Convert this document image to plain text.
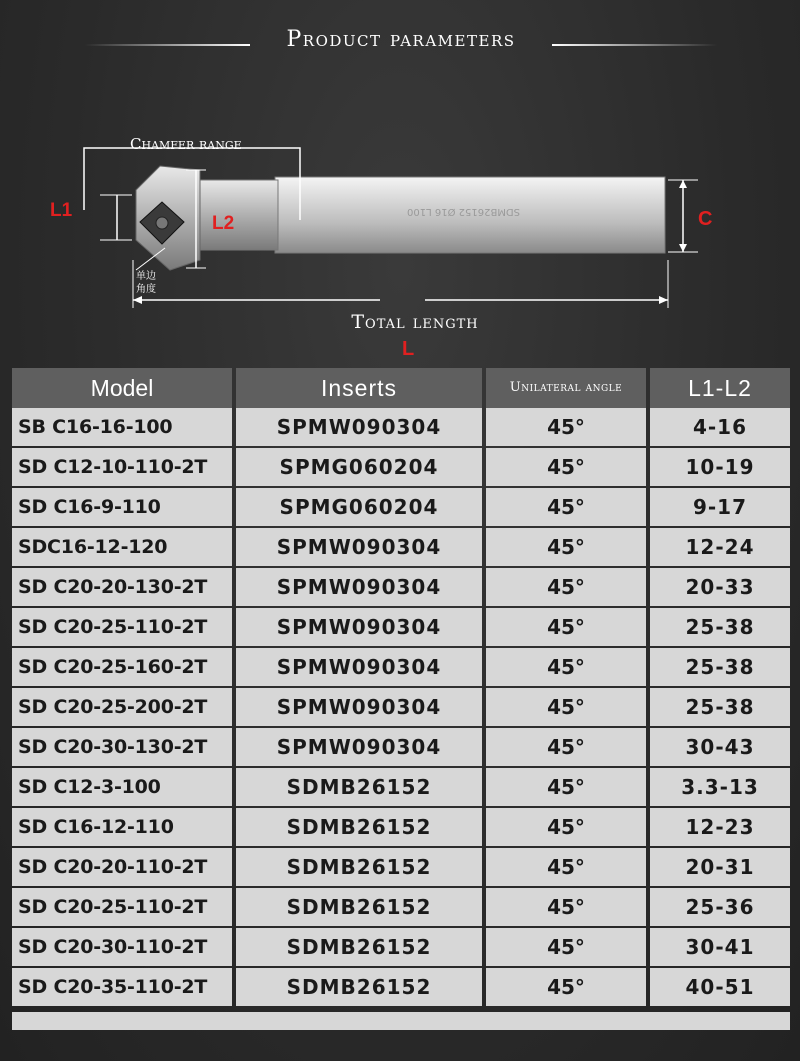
Product parameters
SDMB26152 Ø16 L100
Chamfer range
L1
L2	C
单边
角度
Total length
L
Model	Inserts	Unilateral angle	L1-L2
SB C16-16-100	SPMW090304	45°	4-16
SD C12-10-110-2T	SPMG060204	45°	10-19
SD C16-9-110	SPMG060204	45°	9-17
SDC16-12-120	SPMW090304	45°	12-24
SD C20-20-130-2T	SPMW090304	45°	20-33
SD C20-25-110-2T	SPMW090304	45°	25-38
SD C20-25-160-2T	SPMW090304	45°	25-38
SD C20-25-200-2T	SPMW090304	45°	25-38
SD C20-30-130-2T	SPMW090304	45°	30-43
SD C12-3-100	SDMB26152	45°	3.3-13
SD C16-12-110	SDMB26152	45°	12-23
SD C20-20-110-2T	SDMB26152	45°	20-31
SD C20-25-110-2T	SDMB26152	45°	25-36
SD C20-30-110-2T	SDMB26152	45°	30-41
SD C20-35-110-2T	SDMB26152	45°	40-51
